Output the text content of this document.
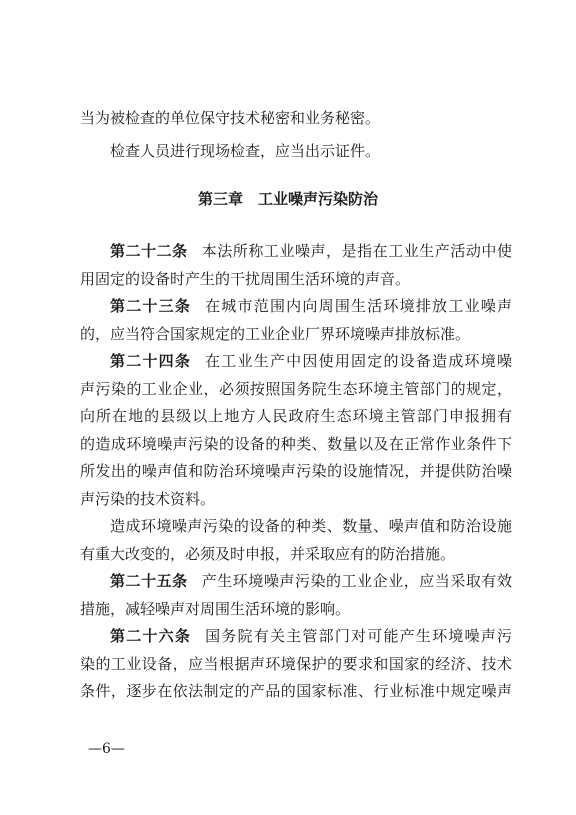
当为被检查的单位保守技术秘密和业务秘密。
检查人员进行现场检查，应当出示证件。
第三章　工业噪声污染防治
第二十二条 本法所称工业噪声，是指在工业生产活动中使
用固定的设备时产生的干扰周围生活环境的声音。
第二十三条 在城市范围内向周围生活环境排放工业噪声
的，应当符合国家规定的工业企业厂界环境噪声排放标准。
第二十四条 在工业生产中因使用固定的设备造成环境噪
声污染的工业企业，必须按照国务院生态环境主管部门的规定，
向所在地的县级以上地方人民政府生态环境主管部门申报拥有
的造成环境噪声污染的设备的种类、数量以及在正常作业条件下
所发出的噪声值和防治环境噪声污染的设施情况，并提供防治噪
声污染的技术资料。
造成环境噪声污染的设备的种类、数量、噪声值和防治设施
有重大改变的，必须及时申报，并采取应有的防治措施。
第二十五条 产生环境噪声污染的工业企业，应当采取有效
措施，减轻噪声对周围生活环境的影响。
第二十六条 国务院有关主管部门对可能产生环境噪声污
染的工业设备，应当根据声环境保护的要求和国家的经济、技术
条件，逐步在依法制定的产品的国家标准、行业标准中规定噪声
—6—
